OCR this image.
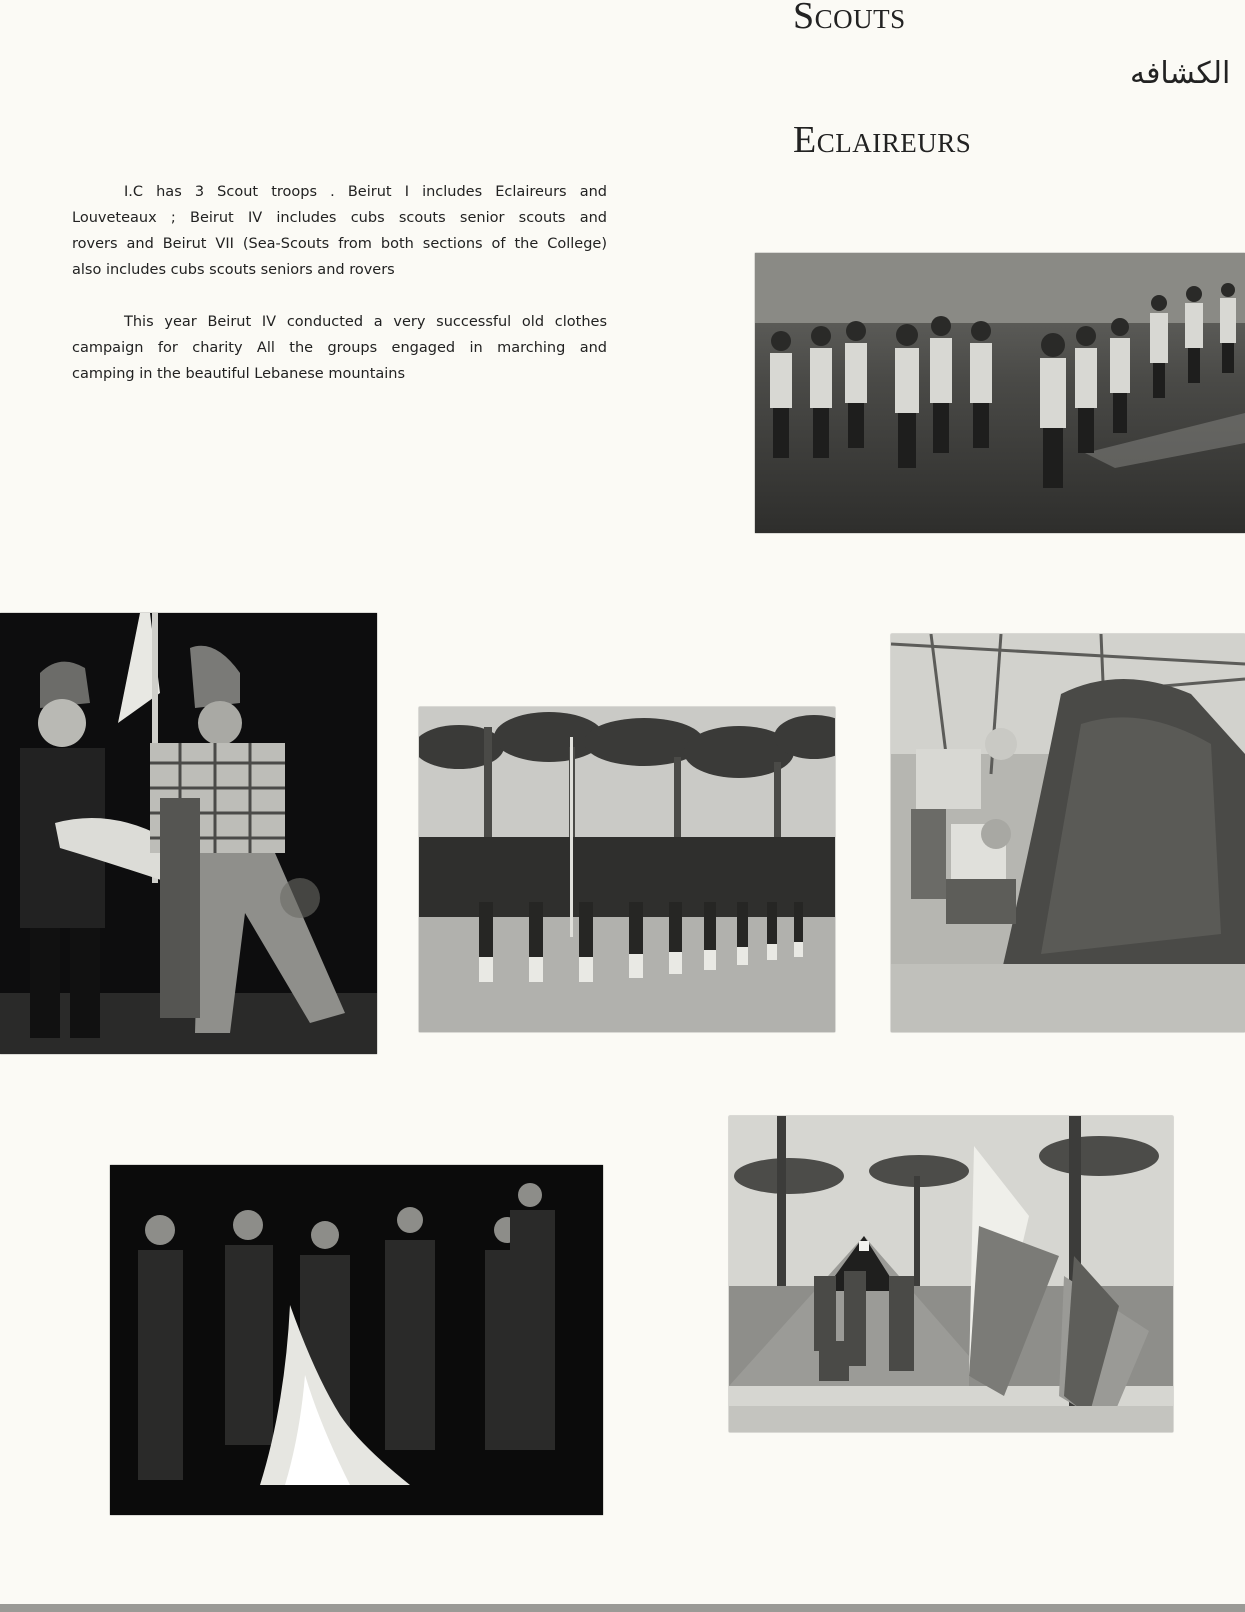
Scouts
الكشافه
Eclaireurs

I.C has 3 Scout troops . Beirut I includes Eclaireurs and
Louveteaux ; Beirut IV includes cubs scouts senior scouts and
rovers and Beirut VII (Sea-Scouts from both sections of the College)
also includes cubs scouts seniors and rovers

This year Beirut IV conducted a very successful old clothes
campaign for charity All the groups engaged in marching and
camping in the beautiful Lebanese mountains
